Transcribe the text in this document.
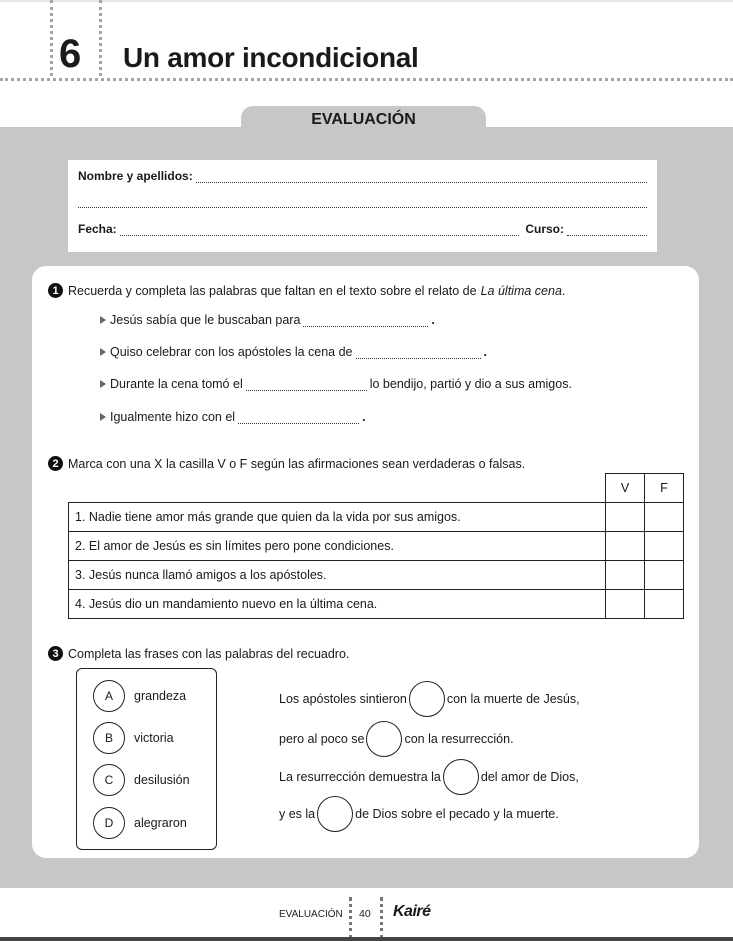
6 Un amor incondicional
EVALUACIÓN
Nombre y apellidos:
Fecha:	Curso:
1 Recuerda y completa las palabras que faltan en el texto sobre el relato de La última cena .
Jesús sabía que le buscaban para	.
Quiso celebrar con los apóstoles la cena de	.
Durante la cena tomó el	lo bendijo, partió y dio a sus amigos.
Igualmente hizo con el	.
2 Marca con una X la casilla V o F según las afirmaciones sean verdaderas o falsas.
	V	F
1. Nadie tiene amor más grande que quien da la vida por sus amigos.		
2. El amor de Jesús es sin límites pero pone condiciones.		
3. Jesús nunca llamó amigos a los apóstoles.		
4. Jesús dio un mandamiento nuevo en la última cena.		
3 Completa las frases con las palabras del recuadro.
A	grandeza
B	victoria
C	desilusión
D	alegraron
Los apóstoles sintieron	con la muerte de Jesús,
pero al poco se	con la resurrección.
La resurrección demuestra la	del amor de Dios,
y es la	de Dios sobre el pecado y la muerte.
EVALUACIÓN 40 Kairé
